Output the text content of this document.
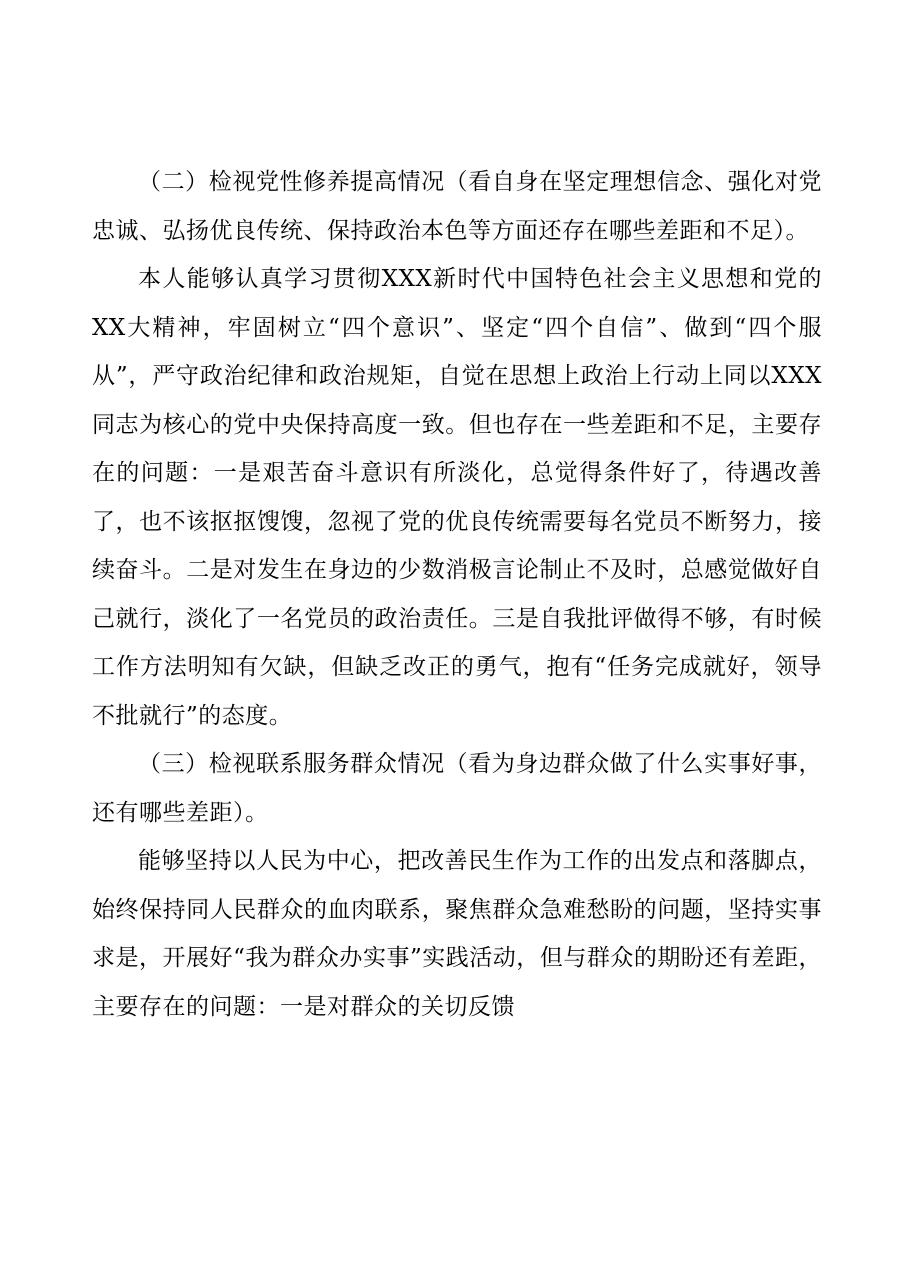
（二）检视党性修养提高情况（看自身在坚定理想信念、强化对党忠诚、弘扬优良传统、保持政治本色等方面还存在哪些差距和不足）。

本人能够认真学习贯彻XXX新时代中国特色社会主义思想和党的XX大精神，牢固树立“四个意识”、坚定“四个自信”、做到“四个服从”，严守政治纪律和政治规矩，自觉在思想上政治上行动上同以XXX同志为核心的党中央保持高度一致。但也存在一些差距和不足，主要存在的问题：一是艰苦奋斗意识有所淡化，总觉得条件好了，待遇改善了，也不该抠抠馊馊，忽视了党的优良传统需要每名党员不断努力，接续奋斗。二是对发生在身边的少数消极言论制止不及时，总感觉做好自己就行，淡化了一名党员的政治责任。三是自我批评做得不够，有时候工作方法明知有欠缺，但缺乏改正的勇气，抱有“任务完成就好，领导不批就行”的态度。

（三）检视联系服务群众情况（看为身边群众做了什么实事好事，还有哪些差距）。

能够坚持以人民为中心，把改善民生作为工作的出发点和落脚点，始终保持同人民群众的血肉联系，聚焦群众急难愁盼的问题，坚持实事求是，开展好“我为群众办实事”实践活动，但与群众的期盼还有差距，主要存在的问题：一是对群众的关切反馈
